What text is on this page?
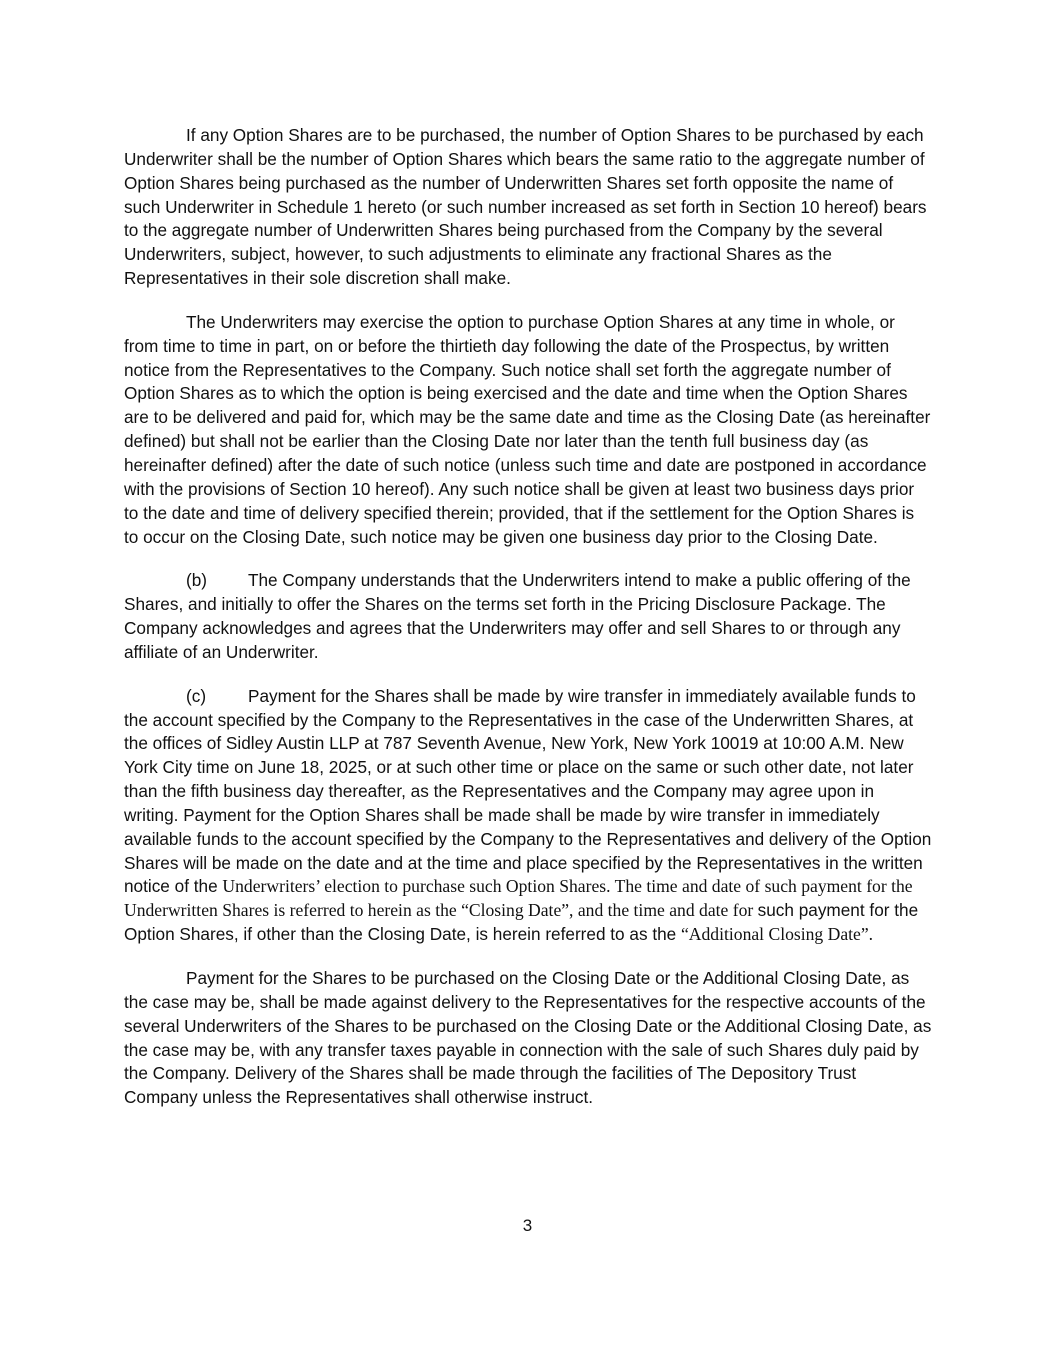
If any Option Shares are to be purchased, the number of Option Shares to be purchased by each Underwriter shall be the number of Option Shares which bears the same ratio to the aggregate number of Option Shares being purchased as the number of Underwritten Shares set forth opposite the name of such Underwriter in Schedule 1 hereto (or such number increased as set forth in Section 10 hereof) bears to the aggregate number of Underwritten Shares being purchased from the Company by the several Underwriters, subject, however, to such adjustments to eliminate any fractional Shares as the Representatives in their sole discretion shall make.

The Underwriters may exercise the option to purchase Option Shares at any time in whole, or from time to time in part, on or before the thirtieth day following the date of the Prospectus, by written notice from the Representatives to the Company. Such notice shall set forth the aggregate number of Option Shares as to which the option is being exercised and the date and time when the Option Shares are to be delivered and paid for, which may be the same date and time as the Closing Date (as hereinafter defined) but shall not be earlier than the Closing Date nor later than the tenth full business day (as hereinafter defined) after the date of such notice (unless such time and date are postponed in accordance with the provisions of Section 10 hereof). Any such notice shall be given at least two business days prior to the date and time of delivery specified therein; provided, that if the settlement for the Option Shares is to occur on the Closing Date, such notice may be given one business day prior to the Closing Date.

(b) The Company understands that the Underwriters intend to make a public offering of the Shares, and initially to offer the Shares on the terms set forth in the Pricing Disclosure Package. The Company acknowledges and agrees that the Underwriters may offer and sell Shares to or through any affiliate of an Underwriter.

(c) Payment for the Shares shall be made by wire transfer in immediately available funds to the account specified by the Company to the Representatives in the case of the Underwritten Shares, at the offices of Sidley Austin LLP at 787 Seventh Avenue, New York, New York 10019 at 10:00 A.M. New York City time on June 18, 2025, or at such other time or place on the same or such other date, not later than the fifth business day thereafter, as the Representatives and the Company may agree upon in writing. Payment for the Option Shares shall be made shall be made by wire transfer in immediately available funds to the account specified by the Company to the Representatives and delivery of the Option Shares will be made on the date and at the time and place specified by the Representatives in the written notice of the Underwriters’ election to purchase such Option Shares. The time and date of such payment for the Underwritten Shares is referred to herein as the “Closing Date”, and the time and date for such payment for the Option Shares, if other than the Closing Date, is herein referred to as the “Additional Closing Date”.

Payment for the Shares to be purchased on the Closing Date or the Additional Closing Date, as the case may be, shall be made against delivery to the Representatives for the respective accounts of the several Underwriters of the Shares to be purchased on the Closing Date or the Additional Closing Date, as the case may be, with any transfer taxes payable in connection with the sale of such Shares duly paid by the Company. Delivery of the Shares shall be made through the facilities of The Depository Trust Company unless the Representatives shall otherwise instruct.

3
